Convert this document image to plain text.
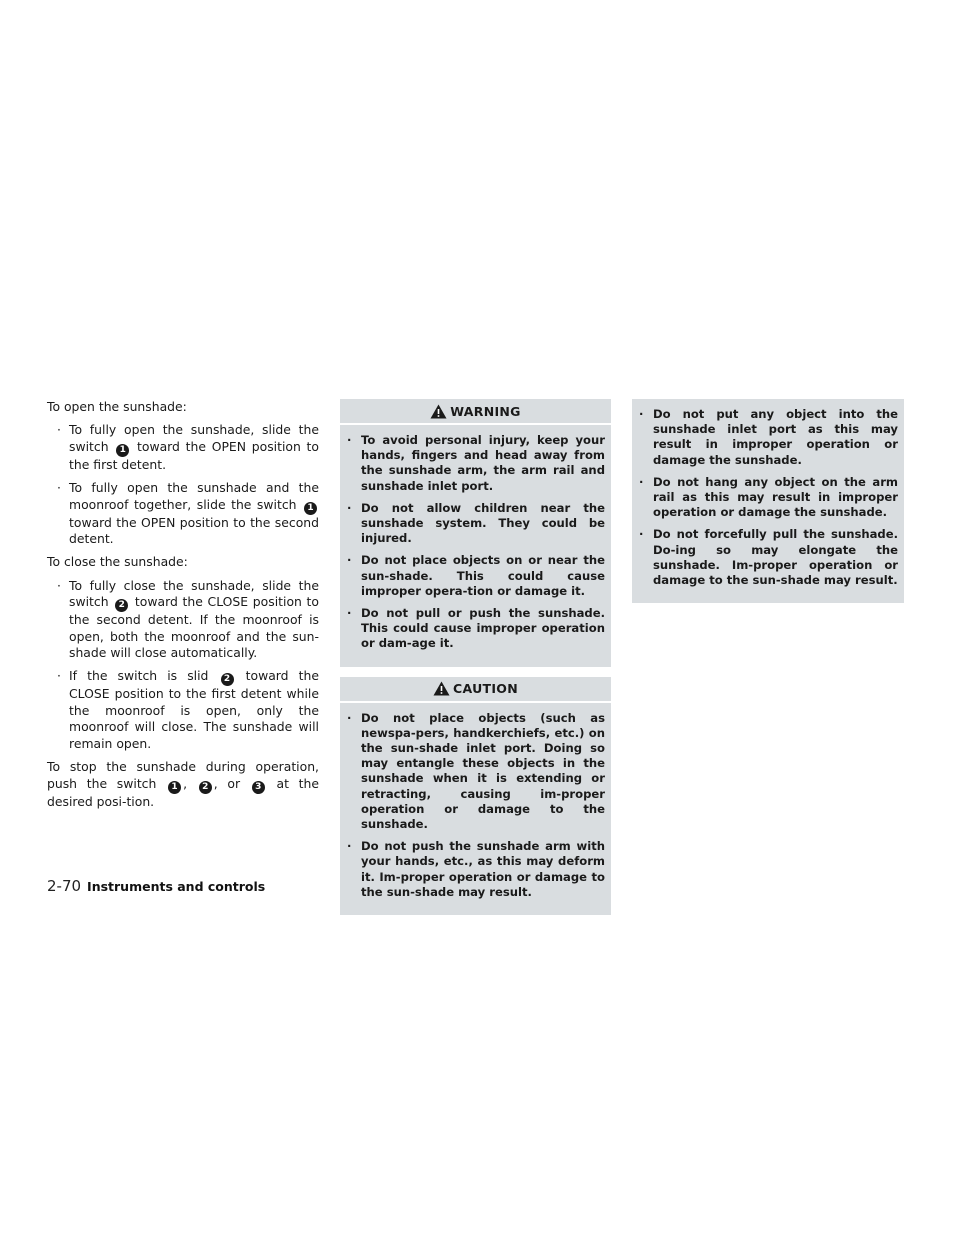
To open the sunshade:

· To fully open the sunshade, slide the switch 1 toward the OPEN position to the first detent.
· To fully open the sunshade and the moonroof together, slide the switch 1 toward the OPEN position to the second detent.

To close the sunshade:

· To fully close the sunshade, slide the switch 2 toward the CLOSE position to the second detent. If the moonroof is open, both the moonroof and the sun-shade will close automatically.
· If the switch is slid 2 toward the CLOSE position to the first detent while the moonroof is open, only the moonroof will close. The sunshade will remain open.

To stop the sunshade during operation, push the switch 1 , 2 , or 3 at the desired posi-tion.

WARNING
· To avoid personal injury, keep your hands, fingers and head away from the sunshade arm, the arm rail and sunshade inlet port.
· Do not allow children near the sunshade system. They could be injured.
· Do not place objects on or near the sun-shade. This could cause improper opera-tion or damage it.
· Do not pull or push the sunshade. This could cause improper operation or dam-age it.
CAUTION
· Do not place objects (such as newspa-pers, handkerchiefs, etc.) on the sun-shade inlet port. Doing so may entangle these objects in the sunshade when it is extending or retracting, causing im-proper operation or damage to the sunshade.
· Do not push the sunshade arm with your hands, etc., as this may deform it. Im-proper operation or damage to the sun-shade may result.
· Do not put any object into the sunshade inlet port as this may result in improper operation or damage the sunshade.
· Do not hang any object on the arm rail as this may result in improper operation or damage the sunshade.
· Do not forcefully pull the sunshade. Do-ing so may elongate the sunshade. Im-proper operation or damage to the sun-shade may result.
2-70 Instruments and controls
